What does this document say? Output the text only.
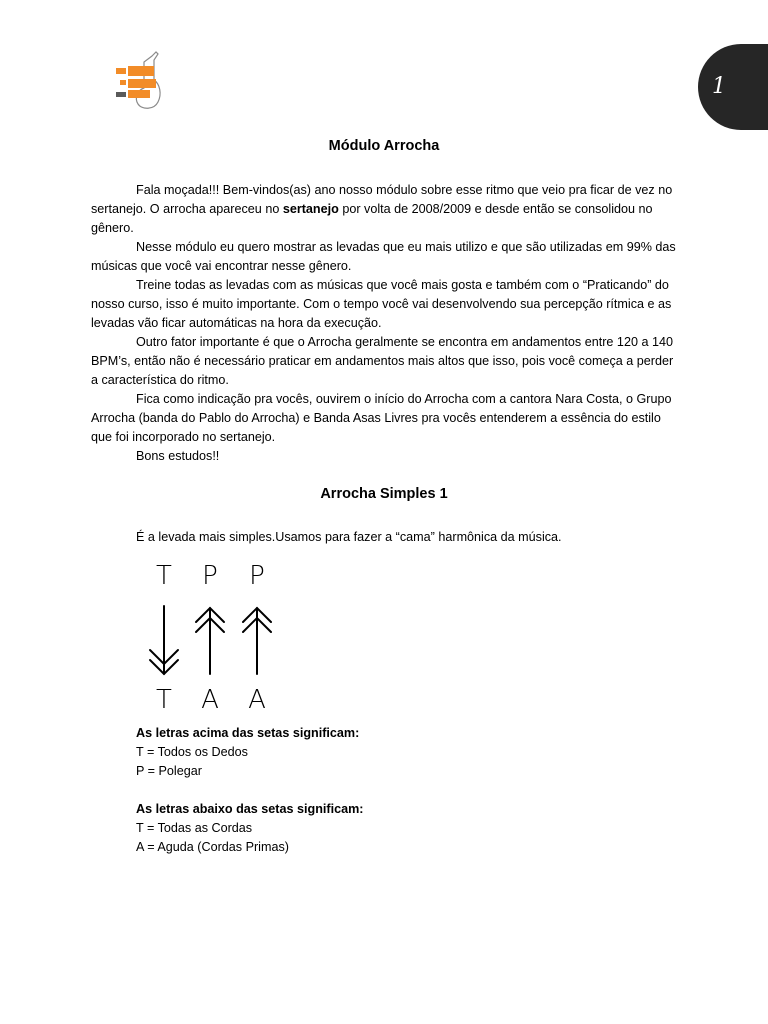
1
Módulo Arrocha

Fala moçada!!! Bem-vindos(as) ano nosso módulo sobre esse ritmo que veio pra ficar de vez no sertanejo. O arrocha apareceu no sertanejo por volta de 2008/2009 e desde então se consolidou no gênero.

Nesse módulo eu quero mostrar as levadas que eu mais utilizo e que são utilizadas em 99% das músicas que você vai encontrar nesse gênero.

Treine todas as levadas com as músicas que você mais gosta e também com o “Praticando” do nosso curso, isso é muito importante. Com o tempo você vai desenvolvendo sua percepção rítmica e as levadas vão ficar automáticas na hora da execução.

Outro fator importante é que o Arrocha geralmente se encontra em andamentos entre 120 a 140 BPM’s, então não é necessário praticar em andamentos mais altos que isso, pois você começa a perder a característica do ritmo.

Fica como indicação pra vocês, ouvirem o início do Arrocha com a cantora Nara Costa, o Grupo Arrocha (banda do Pablo do Arrocha) e Banda Asas Livres pra vocês entenderem a essência do estilo que foi incorporado no sertanejo.

Bons estudos!!

Arrocha Simples 1
É a levada mais simples.Usamos para fazer a “cama” harmônica da música.
T P P
T A A
As letras acima das setas significam:
T = Todos os Dedos
P = Polegar
As letras abaixo das setas significam:
T = Todas as Cordas
A = Aguda (Cordas Primas)
